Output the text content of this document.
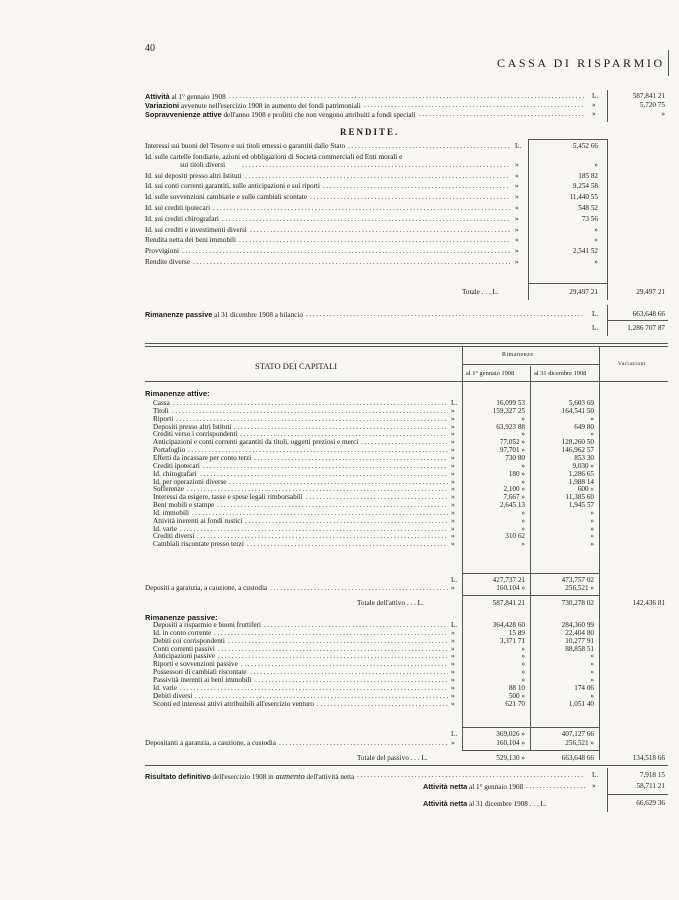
40
CASSA DI RISPARMIO
Attività al 1° gennaio 1908 .....	L.	587,841 21
Variazioni avvenute nell'esercizio 1908 in aumento dei fondi patrimoniali .....	»	5,720 75
Sopravvenienze attive dell'anno 1908 e profitti che non vengono attribuiti a fondi speciali .....	»	»
RENDITE.
Interessi sui buoni del Tesoro e sui titoli emessi o garantiti dallo Stato .....	L.	5,452 66
Id. sulle cartelle fondiarie, azioni ed obbligazioni di Società commerciali ed Enti morali e
sui titoli diversi .....	»	»
Id. sui depositi presso altri Istituti .....	»	185 82
Id. sui conti correnti garantiti, sulle anticipazioni e sui riporti .....	»	9,254 58
Id. sulle sovvenzioni cambiarie e sulle cambiali scontate .....	»	11,440 55
Id. sui crediti ipotecari .....	»	548 52
Id. sui crediti chirografari .....	»	73 56
Id. sui crediti e investimenti diversi .....	»	»
Rendita netta dei beni immobili .....	»	»
Provvigioni .....	»	2,541 52
Rendite diverse .....	»	»
Totale . . . L.	29,497 21	29,497 21
Rimanenze passive al 31 dicembre 1908 a bilancio .....	L.	663,648 66
L.	1,286 707 87
STATO DEI CAPITALI
Rimanenze
al 1° gennaio 1908	al 31 dicembre 1908
Variazioni
Rimanenze attive:
Cassa .....	L.	16,099 53	5,603 69
Titoli .....	»	159,327 25	164,541 50
Riporti .....	»	»	»
Depositi presso altri Istituti .....	»	63,923 88	649 80
Crediti verso i corrispondenti .....	»	»	»
Anticipazioni e conti correnti garantiti da titoli, oggetti preziosi e merci .....	»	77,052 »	128,260 50
Portafoglio .....	»	97,701 »	146,962 57
Effetti da incassare per conto terzi .....	»	730 80	853 30
Crediti ipotecari .....	»	»	9,030 »
Id. chirografari .....	»	180 »	1,286 65
Id. per operazioni diverse .....	»	»	1,988 14
Sofferenze .....	»	2,100 »	600 »
Interessi da esigere, tasse e spese legali rimborsabili .....	»	7,667 »	11,385 60
Beni mobili e stampe .....	»	2,645 13	1,945 57
Id. immobili .....	»	»	»
Attività inerenti ai fondi rustici .....	»	»	»
Id. varie .....	»	»	»
Crediti diversi .....	»	310 62	»
Cambiali riscontate presso terzi .....	»	»	»
L.	427,737 21	473,757 02
Depositi a garanzia, a cauzione, a custodia .....	»	160,104 »	256,521 »
Totale dell'attivo . . . L.	587,841 21	730,278 02	142,436 81
Rimanenze passive:
Depositi a risparmio e buoni fruttiferi .....	L.	364,428 60	284,360 99
Id. in conto corrente .....	»	15 89	22,404 80
Debiti coi corrispondenti .....	»	3,371 71	10,277 91
Conti correnti passivi .....	»	»	88,858 51
Anticipazioni passive .....	»	»	»
Riporti e sovvenzioni passive .....	»	»	»
Possessori di cambiali riscontate .....	»	»	»
Passività inerenti ai beni immobili .....	»	»	»
Id. varie .....	»	88 10	174 06
Debiti diversi .....	»	500 »	»
Sconti ed interessi attivi attribuibili all'esercizio venturo .....	»	621 70	1,051 40
L.	369,026 »	407,127 66
Depositanti a garanzia, a cauzione, a custodia .....	»	160,104 »	256,521 »
Totale del passivo . . . L.	529,130 »	663,648 66	134,518 66
Risultato definitivo dell'esercizio 1908 in aumento dell'attività netta .....	L.	7,918 15
Attività netta al 1° gennaio 1908 .....	»	58,711 21
Attività netta al 31 dicembre 1908 . . . L.	66,629 36
